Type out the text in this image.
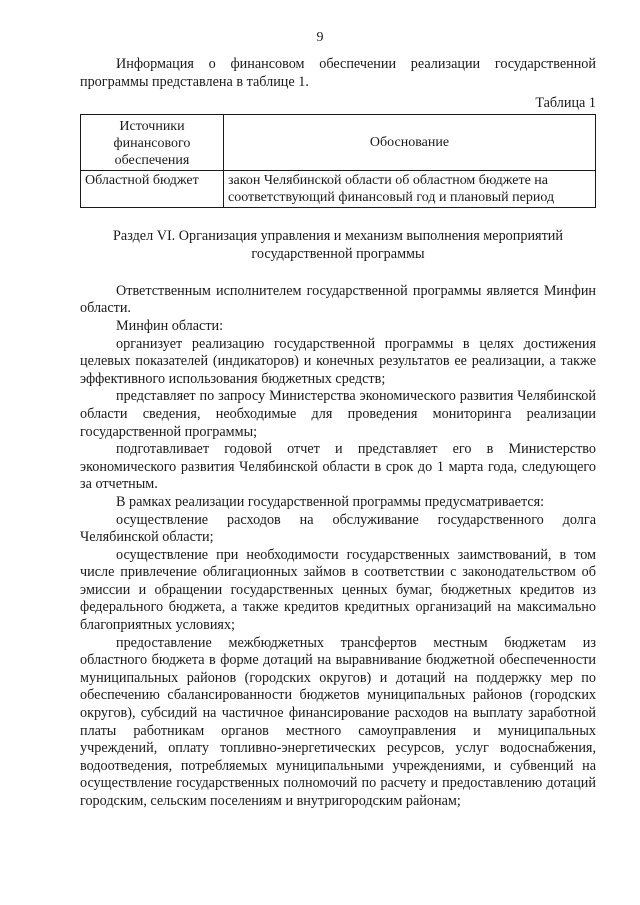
9

Информация о финансовом обеспечении реализации государственной программы представлена в таблице 1.

Таблица 1
Источники финансового обеспечения	Обоснование
Областной бюджет	закон Челябинской области об областном бюджете на соответствующий финансовый год и плановый период
Раздел VI. Организация управления и механизм выполнения мероприятий государственной программы

Ответственным исполнителем государственной программы является Минфин области.

Минфин области:

организует реализацию государственной программы в целях достижения целевых показателей (индикаторов) и конечных результатов ее реализации, а также эффективного использования бюджетных средств;

представляет по запросу Министерства экономического развития Челябинской области сведения, необходимые для проведения мониторинга реализации государственной программы;

подготавливает годовой отчет и представляет его в Министерство экономического развития Челябинской области в срок до 1 марта года, следующего за отчетным.

В рамках реализации государственной программы предусматривается:

осуществление расходов на обслуживание государственного долга Челябинской области;

осуществление при необходимости государственных заимствований, в том числе привлечение облигационных займов в соответствии с законодательством об эмиссии и обращении государственных ценных бумаг, бюджетных кредитов из федерального бюджета, а также кредитов кредитных организаций на максимально благоприятных условиях;

предоставление межбюджетных трансфертов местным бюджетам из областного бюджета в форме дотаций на выравнивание бюджетной обеспеченности муниципальных районов (городских округов) и дотаций на поддержку мер по обеспечению сбалансированности бюджетов муниципальных районов (городских округов), субсидий на частичное финансирование расходов на выплату заработной платы работникам органов местного самоуправления и муниципальных учреждений, оплату топливно-энергетических ресурсов, услуг водоснабжения, водоотведения, потребляемых муниципальными учреждениями, и субвенций на осуществление государственных полномочий по расчету и предоставлению дотаций городским, сельским поселениям и внутригородским районам;
